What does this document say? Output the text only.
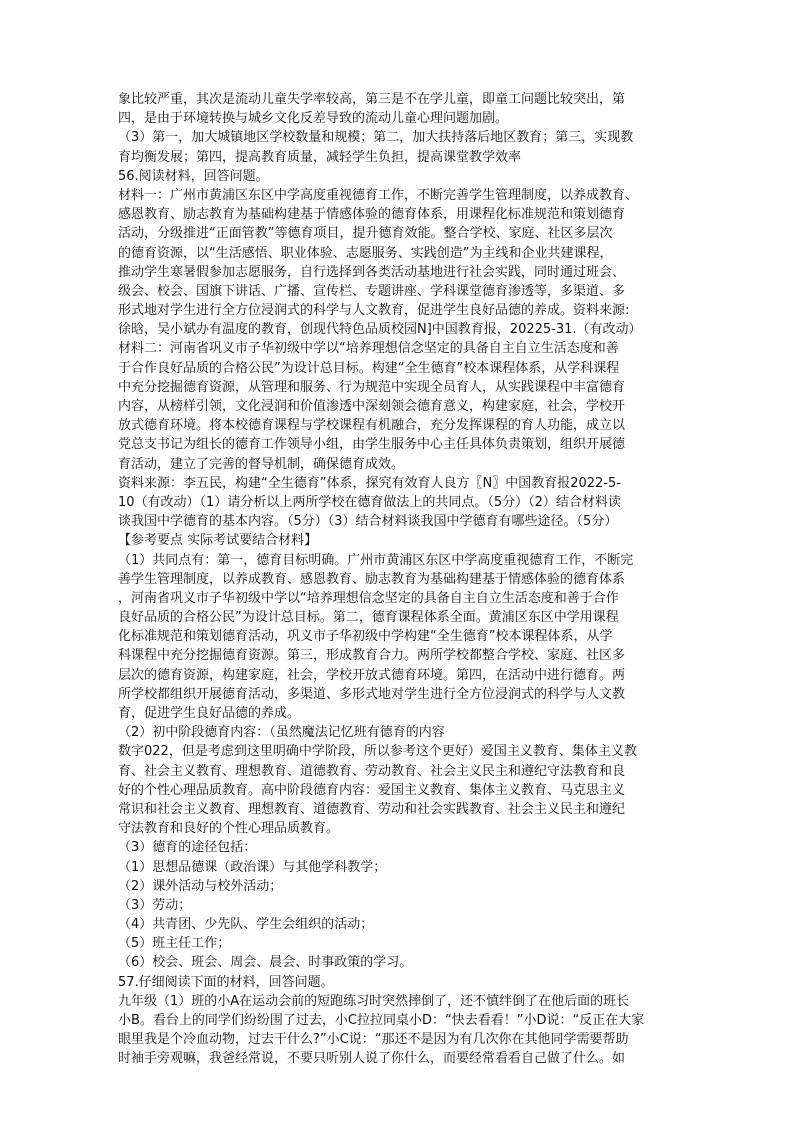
象比较严重，其次是流动儿童失学率较高，第三是不在学儿童，即童工问题比较突出，第
四，是由于环境转换与城乡文化反差导致的流动儿童心理问题加剧。
（3）第一，加大城镇地区学校数量和规模；第二，加大扶持落后地区教育；第三，实现教
育均衡发展；第四，提高教育质量，减轻学生负担，提高课堂教学效率
56.阅读材料，回答问题。
材料一：广州市黄浦区东区中学高度重视德育工作，不断完善学生管理制度，以养成教育、
感恩教育、励志教育为基础构建基于情感体验的德育体系，用课程化标准规范和策划德育
活动，分级推进“正面管教”等德育项目，提升德育效能。整合学校、家庭、社区多层次
的德育资源，以“生活感悟、职业体验、志愿服务、实践创造”为主线和企业共建课程，
推动学生寒暑假参加志愿服务，自行选择到各类活动基地进行社会实践，同时通过班会、
级会、校会、国旗下讲话、广播、宣传栏、专题讲座、学科课堂德育渗透等，多渠道、多
形式地对学生进行全方位浸润式的科学与人文教育，促进学生良好品德的养成。资料来源:
徐晗，吴小斌办有温度的教育，创现代特色品质校园N]中国教育报，20225-31.（有改动）
材料二：河南省巩义市子华初级中学以“培养理想信念坚定的具备自主自立生活态度和善
于合作良好品质的合格公民”为设计总目标。构建“全生德育”校本课程体系，从学科课程
中充分挖掘德育资源，从管理和服务、行为规范中实现全员育人，从实践课程中丰富德育
内容，从榜样引领，文化浸润和价值渗透中深刻领会德育意义，构建家庭，社会，学校开
放式德育环境。将本校德育课程与学校课程有机融合，充分发挥课程的育人功能，成立以
党总支书记为组长的德育工作领导小组，由学生服务中心主任具体负责策划，组织开展德
育活动，建立了完善的督导机制，确保德育成效。
资料来源：李五民，构建“全生德育”体系，探究有效育人良方〖N〗中国教育报2022-5-
10（有改动）（1）请分析以上两所学校在德育做法上的共同点。（5分）（2）结合材料读
谈我国中学德育的基本内容。（5分）（3）结合材料谈我国中学德育有哪些途径。（5分）
【参考要点 实际考试要结合材料】
（1）共同点有：第一，德育目标明确。广州市黄浦区东区中学高度重视德育工作，不断完
善学生管理制度，以养成教育、感恩教育、励志教育为基础构建基于情感体验的德育体系
，河南省巩义市子华初级中学以“培养理想信念坚定的具备自主自立生活态度和善于合作
良好品质的合格公民”为设计总目标。第二，德育课程体系全面。黄浦区东区中学用课程
化标准规范和策划德育活动，巩义市子华初级中学构建“全生德育”校本课程体系，从学
科课程中充分挖掘德育资源。第三，形成教育合力。两所学校都整合学校、家庭、社区多
层次的德育资源，构建家庭，社会，学校开放式德育环境。第四，在活动中进行德育。两
所学校都组织开展德育活动，多渠道、多形式地对学生进行全方位浸润式的科学与人文教
育，促进学生良好品德的养成。
（2）初中阶段德育内容：（虽然魔法记忆班有德育的内容
数字022，但是考虑到这里明确中学阶段，所以参考这个更好）爱国主义教育、集体主义教
育、社会主义教育、理想教育、道德教育、劳动教育、社会主义民主和遵纪守法教育和良
好的个性心理品质教育。高中阶段德育内容：爱国主义教育、集体主义教育、马克思主义
常识和社会主义教育、理想教育、道德教育、劳动和社会实践教育、社会主义民主和遵纪
守法教育和良好的个性心理品质教育。
（3）德育的途径包括：
（1）思想品德课（政治课）与其他学科教学；
（2）课外活动与校外活动；
（3）劳动；
（4）共青团、少先队、学生会组织的活动；
（5）班主任工作；
（6）校会、班会、周会、晨会、时事政策的学习。
57.仔细阅读下面的材料，回答问题。
九年级（1）班的小A在运动会前的短跑练习时突然摔倒了，还不慎绊倒了在他后面的班长
小B。看台上的同学们纷纷围了过去，小C拉拉同桌小D：“快去看看！”小D说：“反正在大家
眼里我是个冷血动物，过去干什么?”小C说：“那还不是因为有几次你在其他同学需要帮助
时袖手旁观嘛，我爸经常说，不要只听别人说了你什么，而要经常看看自己做了什么。如
